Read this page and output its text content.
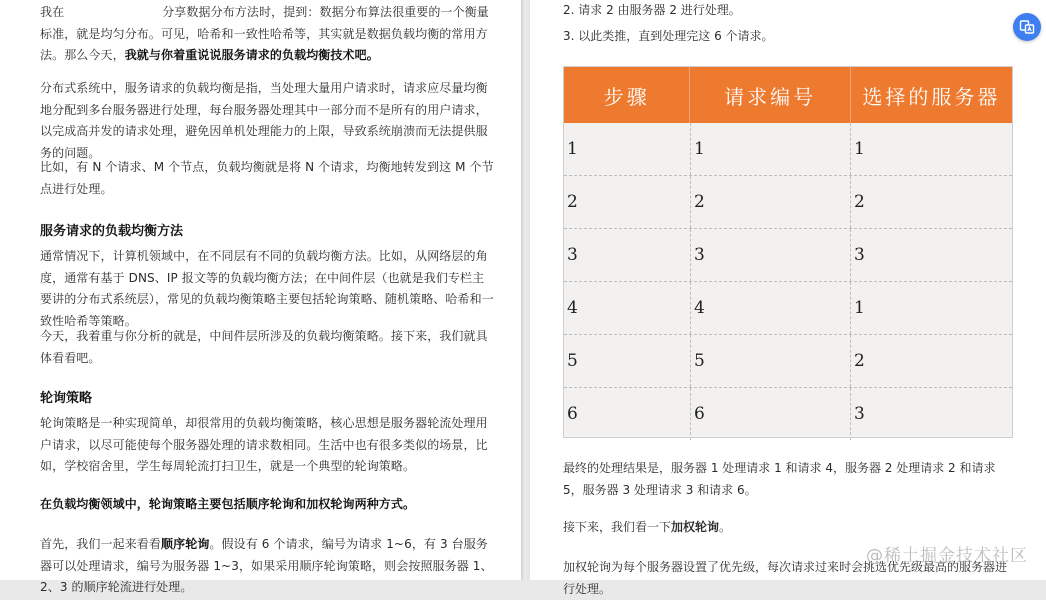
我在	分享数据分布方法时，提到：数据分布算法很重要的一个衡量标准，就是均匀分布。可见，哈希和一致性哈希等，其实就是数据负载均衡的常用方法。那么今天，我就与你着重说说服务请求的负载均衡技术吧。

分布式系统中，服务请求的负载均衡是指，当处理大量用户请求时，请求应尽量均衡地分配到多台服务器进行处理，每台服务器处理其中一部分而不是所有的用户请求，以完成高并发的请求处理，避免因单机处理能力的上限，导致系统崩溃而无法提供服务的问题。

比如，有 N 个请求、M 个节点，负载均衡就是将 N 个请求，均衡地转发到这 M 个节点进行处理。

服务请求的负载均衡方法

通常情况下，计算机领域中，在不同层有不同的负载均衡方法。比如，从网络层的角度，通常有基于 DNS、IP 报文等的负载均衡方法；在中间件层（也就是我们专栏主要讲的分布式系统层），常见的负载均衡策略主要包括轮询策略、随机策略、哈希和一致性哈希等策略。

今天，我着重与你分析的就是，中间件层所涉及的负载均衡策略。接下来，我们就具体看看吧。

轮询策略

轮询策略是一种实现简单，却很常用的负载均衡策略，核心思想是服务器轮流处理用户请求，以尽可能使每个服务器处理的请求数相同。生活中也有很多类似的场景，比如，学校宿舍里，学生每周轮流打扫卫生，就是一个典型的轮询策略。

在负载均衡领域中，轮询策略主要包括顺序轮询和加权轮询两种方式。

首先，我们一起来看看顺序轮询。假设有 6 个请求，编号为请求 1~6，有 3 台服务器可以处理请求，编号为服务器 1~3，如果采用顺序轮询策略，则会按照服务器 1、2、3 的顺序轮流进行处理。

2. 请求 2 由服务器 2 进行处理。

3. 以此类推，直到处理完这 6 个请求。

步骤	请求编号	选择的服务器
1	1	1
2	2	2
3	3	3
4	4	1
5	5	2
6	6	3

最终的处理结果是，服务器 1 处理请求 1 和请求 4，服务器 2 处理请求 2 和请求 5，服务器 3 处理请求 3 和请求 6。

接下来，我们看一下加权轮询。

加权轮询为每个服务器设置了优先级，每次请求过来时会挑选优先级最高的服务器进行处理。

@稀土掘金技术社区
